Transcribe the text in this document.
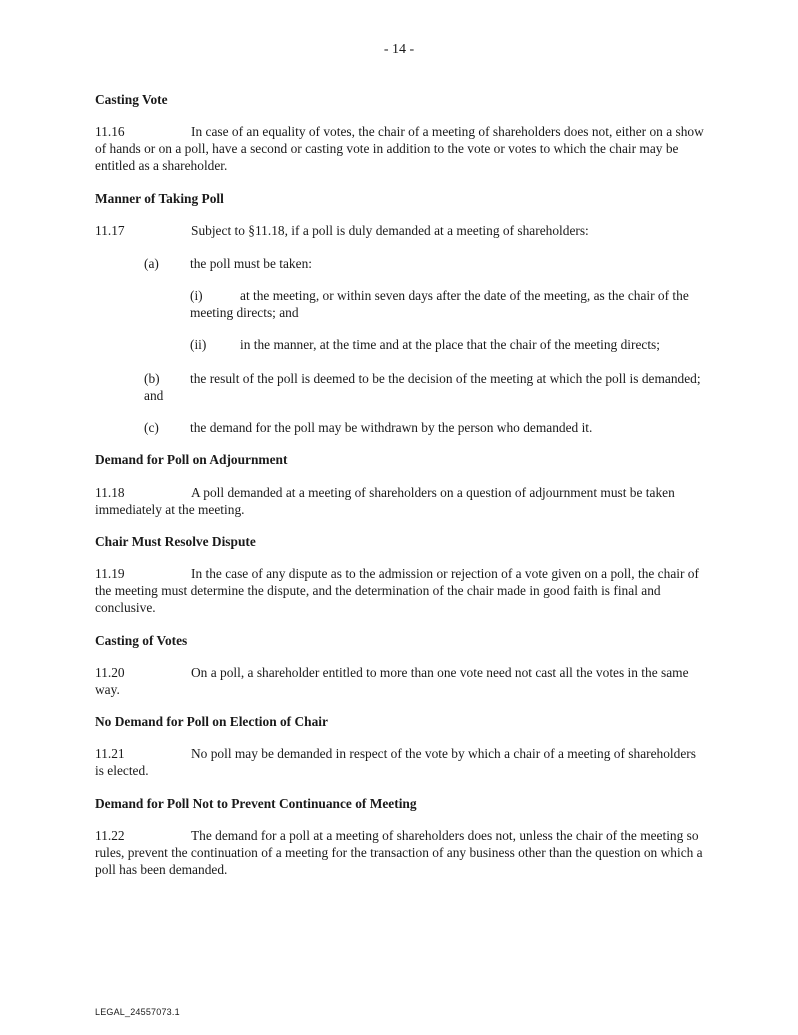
- 14 -
Casting Vote
11.16	In case of an equality of votes, the chair of a meeting of shareholders does not, either on a show of hands or on a poll, have a second or casting vote in addition to the vote or votes to which the chair may be entitled as a shareholder.
Manner of Taking Poll
11.17	Subject to §11.18, if a poll is duly demanded at a meeting of shareholders:
(a) the poll must be taken:
(i)	at the meeting, or within seven days after the date of the meeting, as the chair of the meeting directs; and
(ii)	in the manner, at the time and at the place that the chair of the meeting directs;
(b) the result of the poll is deemed to be the decision of the meeting at which the poll is demanded; and
(c) the demand for the poll may be withdrawn by the person who demanded it.
Demand for Poll on Adjournment
11.18	A poll demanded at a meeting of shareholders on a question of adjournment must be taken immediately at the meeting.
Chair Must Resolve Dispute
11.19	In the case of any dispute as to the admission or rejection of a vote given on a poll, the chair of the meeting must determine the dispute, and the determination of the chair made in good faith is final and conclusive.
Casting of Votes
11.20	On a poll, a shareholder entitled to more than one vote need not cast all the votes in the same way.
No Demand for Poll on Election of Chair
11.21	No poll may be demanded in respect of the vote by which a chair of a meeting of shareholders is elected.
Demand for Poll Not to Prevent Continuance of Meeting
11.22	The demand for a poll at a meeting of shareholders does not, unless the chair of the meeting so rules, prevent the continuation of a meeting for the transaction of any business other than the question on which a poll has been demanded.
LEGAL_24557073.1
